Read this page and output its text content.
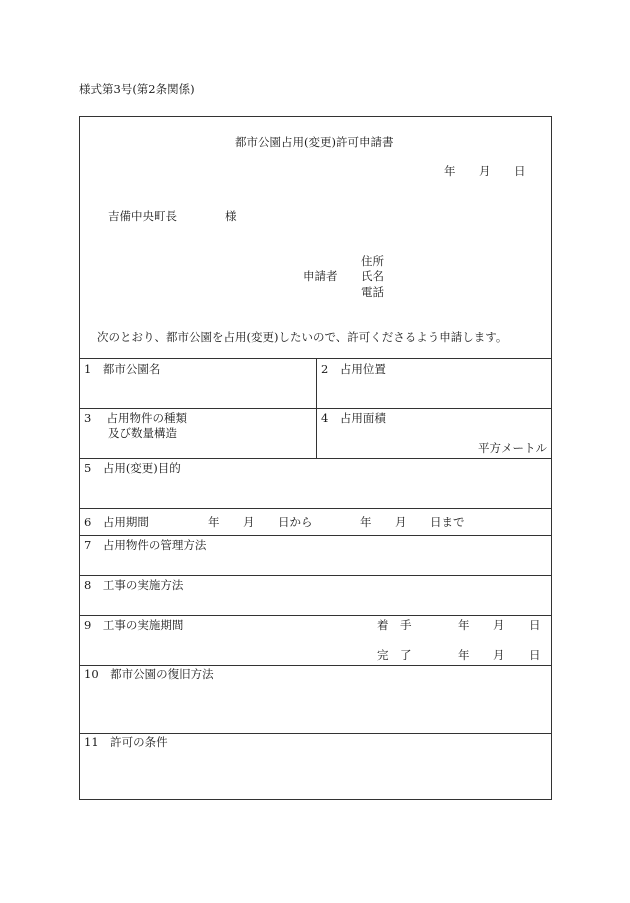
様式第3号(第2条関係)
都市公園占用(変更)許可申請書
年 月 日
吉備中央町長	様
住所
申請者 氏名
電話
次のとおり、都市公園を占用(変更)したいので、許可くださるよう申請します。
1　都市公園名	2　占用位置
3　 占用物件の種類
及び数量構造
4　占用面積
平方メートル
5　占用(変更)目的
6　占用期間	年 月 日から	年 月 日まで
7　占用物件の管理方法
8　工事の実施方法
9　工事の実施期間	着　手	年 月 日
完　了	年 月 日
10　都市公園の復旧方法
11　許可の条件
